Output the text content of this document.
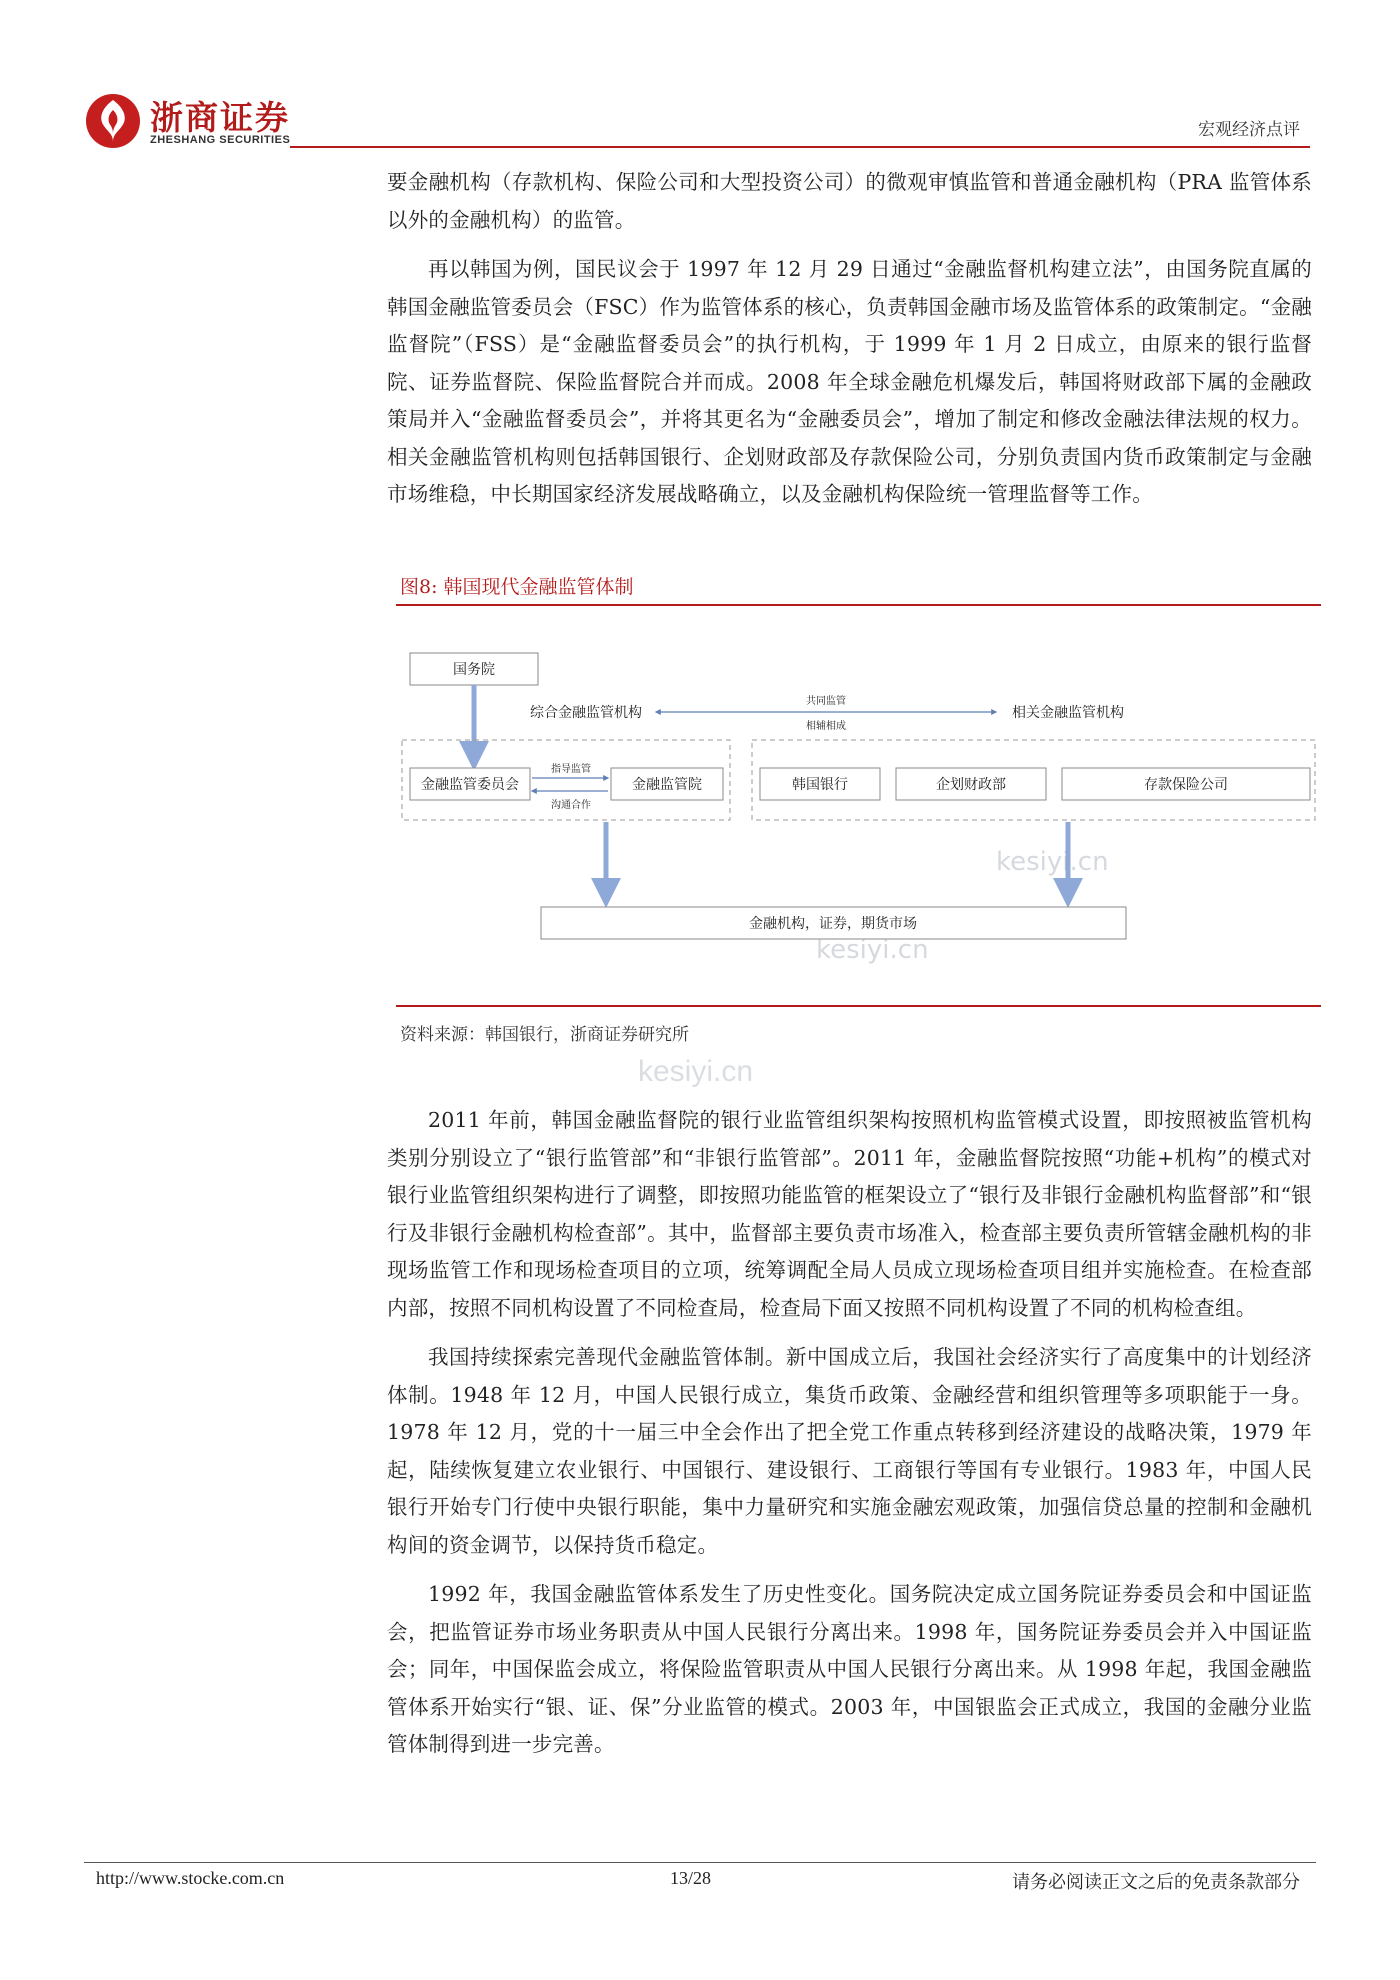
浙商证券
ZHESHANG SECURITIES	宏观经济点评

要金融机构（存款机构、保险公司和大型投资公司）的微观审慎监管和普通金融机构（PRA 监管体系以外的金融机构）的监管。

再以韩国为例，国民议会于 1997 年 12 月 29 日通过“金融监督机构建立法”，由国务院直属的韩国金融监管委员会（FSC）作为监管体系的核心，负责韩国金融市场及监管体系的政策制定。“金融监督院”（FSS）是“金融监督委员会”的执行机构，于 1999 年 1 月 2 日成立，由原来的银行监督院、证券监督院、保险监督院合并而成。2008 年全球金融危机爆发后，韩国将财政部下属的金融政策局并入“金融监督委员会”，并将其更名为“金融委员会”，增加了制定和修改金融法律法规的权力。相关金融监管机构则包括韩国银行、企划财政部及存款保险公司，分别负责国内货币政策制定与金融市场维稳，中长期国家经济发展战略确立，以及金融机构保险统一管理监督等工作。

图8: 韩国现代金融监管体制
国务院
综合金融监管机构	相关金融监管机构
共同监管
相辅相成
金融监管委员会	金融监管院
指导监管
沟通合作
韩国银行	企划财政部	存款保险公司
金融机构，证券，期货市场
kesiyi.cn
kesiyi.cn
资料来源：韩国银行，浙商证券研究所
kesiyi.cn

2011 年前，韩国金融监督院的银行业监管组织架构按照机构监管模式设置，即按照被监管机构类别分别设立了“银行监管部”和“非银行监管部”。2011 年，金融监督院按照“功能+机构”的模式对银行业监管组织架构进行了调整，即按照功能监管的框架设立了“银行及非银行金融机构监督部”和“银行及非银行金融机构检查部”。其中，监督部主要负责市场准入，检查部主要负责所管辖金融机构的非现场监管工作和现场检查项目的立项，统筹调配全局人员成立现场检查项目组并实施检查。在检查部内部，按照不同机构设置了不同检查局，检查局下面又按照不同机构设置了不同的机构检查组。

我国持续探索完善现代金融监管体制。新中国成立后，我国社会经济实行了高度集中的计划经济体制。1948 年 12 月，中国人民银行成立，集货币政策、金融经营和组织管理等多项职能于一身。1978 年 12 月，党的十一届三中全会作出了把全党工作重点转移到经济建设的战略决策，1979 年起，陆续恢复建立农业银行、中国银行、建设银行、工商银行等国有专业银行。1983 年，中国人民银行开始专门行使中央银行职能，集中力量研究和实施金融宏观政策，加强信贷总量的控制和金融机构间的资金调节，以保持货币稳定。

1992 年，我国金融监管体系发生了历史性变化。国务院决定成立国务院证券委员会和中国证监会，把监管证券市场业务职责从中国人民银行分离出来。1998 年，国务院证券委员会并入中国证监会；同年，中国保监会成立，将保险监管职责从中国人民银行分离出来。从 1998 年起，我国金融监管体系开始实行“银、证、保”分业监管的模式。2003 年，中国银监会正式成立，我国的金融分业监管体制得到进一步完善。

http://www.stocke.com.cn	13/28	请务必阅读正文之后的免责条款部分
